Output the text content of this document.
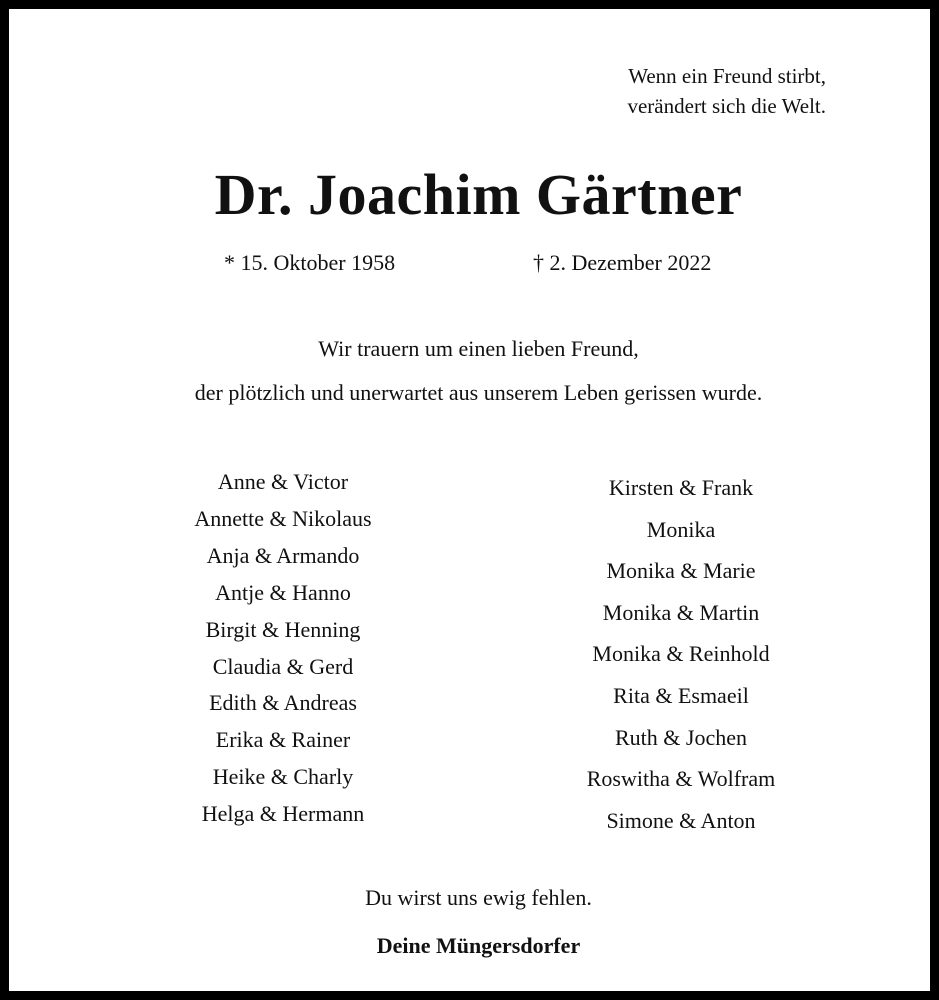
Wenn ein Freund stirbt,
verändert sich die Welt.
Dr. Joachim Gärtner
* 15. Oktober 1958	† 2. Dezember 2022
Wir trauern um einen lieben Freund,
der plötzlich und unerwartet aus unserem Leben gerissen wurde.
Anne & Victor
Annette & Nikolaus
Anja & Armando
Antje & Hanno
Birgit & Henning
Claudia & Gerd
Edith & Andreas
Erika & Rainer
Heike & Charly
Helga & Hermann
Kirsten & Frank
Monika
Monika & Marie
Monika & Martin
Monika & Reinhold
Rita & Esmaeil
Ruth & Jochen
Roswitha & Wolfram
Simone & Anton
Du wirst uns ewig fehlen.
Deine Müngersdorfer
